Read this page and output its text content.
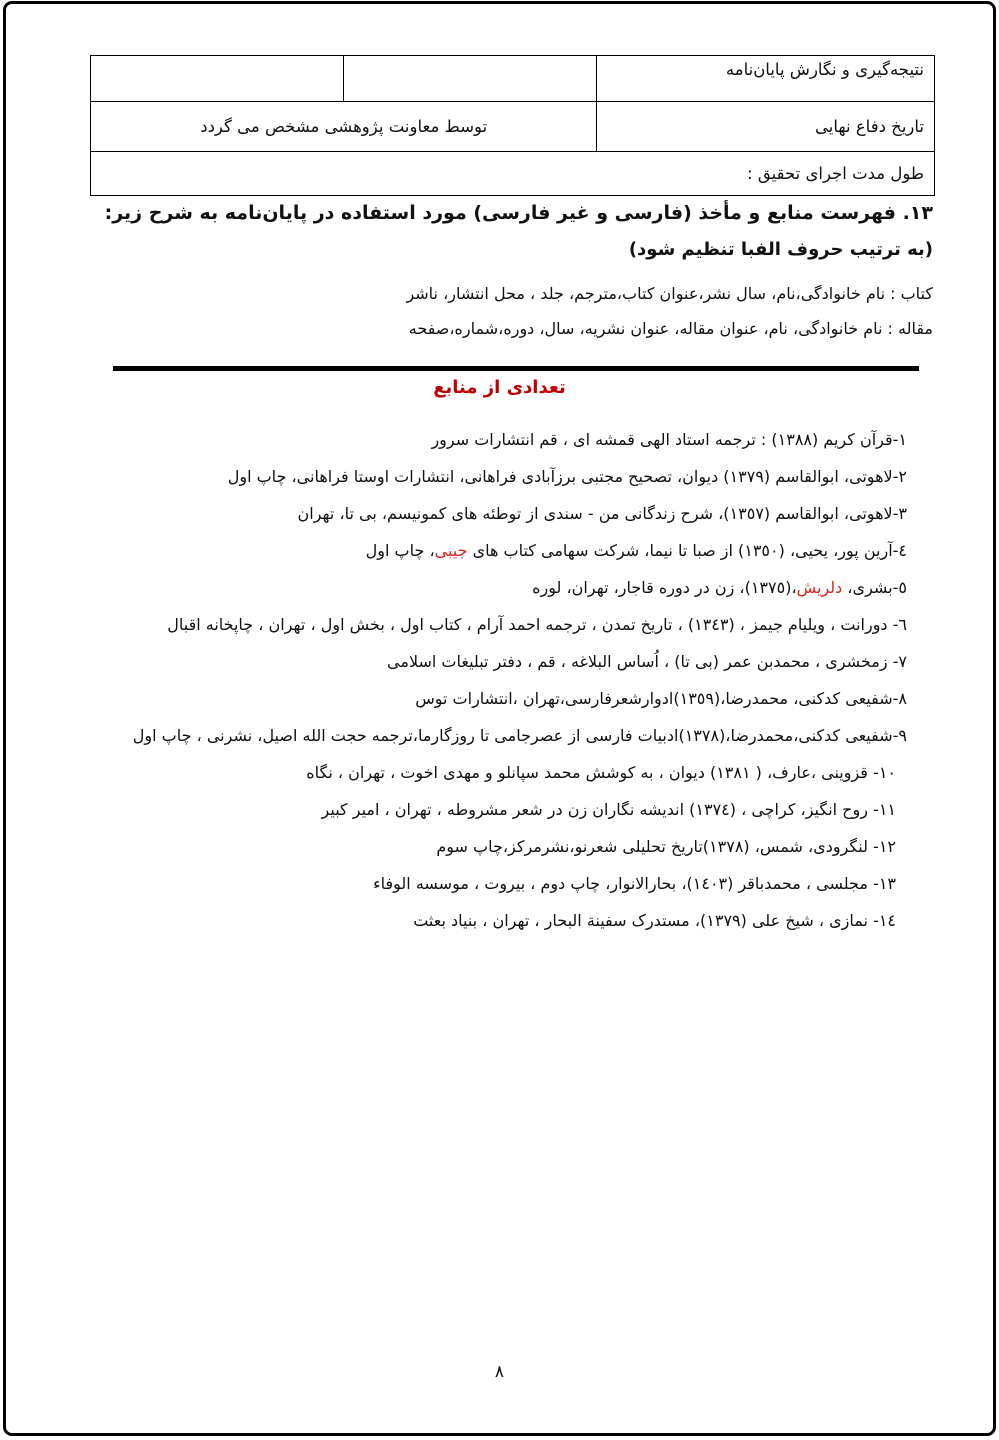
نتیجه‌گیری و نگارش پایان‌نامه		
تاریخ دفاع نهایی	توسط معاونت پژوهشی مشخص می گردد	
طول مدت اجرای تحقیق :		
١٣. فهرست منابع و مأخذ (فارسی و غیر فارسی) مورد استفاده در پایان‌نامه به شرح زیر:
(به ترتیب حروف الفبا تنظیم شود)
کتاب : نام خانوادگی،نام، سال نشر،عنوان کتاب،مترجم، جلد ، محل انتشار، ناشر
مقاله : نام خانوادگی، نام، عنوان مقاله، عنوان نشریه، سال، دوره،شماره،صفحه
تعدادی از منابع

١-قرآن کریم (١٣٨٨) : ترجمه استاد الهی قمشه ای ، قم انتشارات سرور

٢-لاهوتی، ابوالقاسم (١٣٧٩) دیوان، تصحیح مجتبی برزآبادی فراهانی، انتشارات اوستا فراهانی، چاپ اول

٣-لاهوتی، ابوالقاسم (١٣٥٧)، شرح زندگانی من - سندی از توطئه های کمونیسم، بی تا، تهران

٤-آرین پور، یحیی، (١٣٥٠) از صبا تا نیما، شرکت سهامی کتاب های جیبی، چاپ اول

٥-بشری، دلریش،(١٣٧٥)، زن در دوره قاجار، تهران، لوره

٦- دورانت ، ویلیام جیمز ، (١٣٤٣) ، تاریخ تمدن ، ترجمه احمد آرام ، کتاب اول ، بخش اول ، تهران ، چاپخانه اقبال

٧- زمخشری ، محمدبن عمر (بی تا) ، اُساس البلاغه ، قم ، دفتر تبلیغات اسلامی

٨-شفیعی کدکنی، محمدرضا،(١٣٥٩)ادوارشعرفارسی،تهران ،انتشارات توس

٩-شفیعی کدکنی،محمدرضا،(١٣٧٨)ادبیات فارسی از عصرجامی تا روزگارما،ترجمه حجت الله اصیل، نشرنی ، چاپ اول

١٠- قزوینی ،عارف، ( ١٣٨١) دیوان ، به کوشش محمد سپانلو و مهدی اخوت ، تهران ، نگاه

١١- روح انگیز، کراچی ، (١٣٧٤) اندیشه نگاران زن در شعر مشروطه ، تهران ، امیر کبیر

١٢- لنگرودی، شمس، (١٣٧٨)تاریخ تحلیلی شعرنو،نشرمرکز،چاپ سوم

١٣- مجلسی ، محمدباقر (١٤٠٣)، بحارالانوار، چاپ دوم ، بیروت ، موسسه الوفاء

١٤- نمازی ، شیخ علی (١٣٧٩)، مستدرک سفینة البحار ، تهران ، بنیاد بعثت

٨
